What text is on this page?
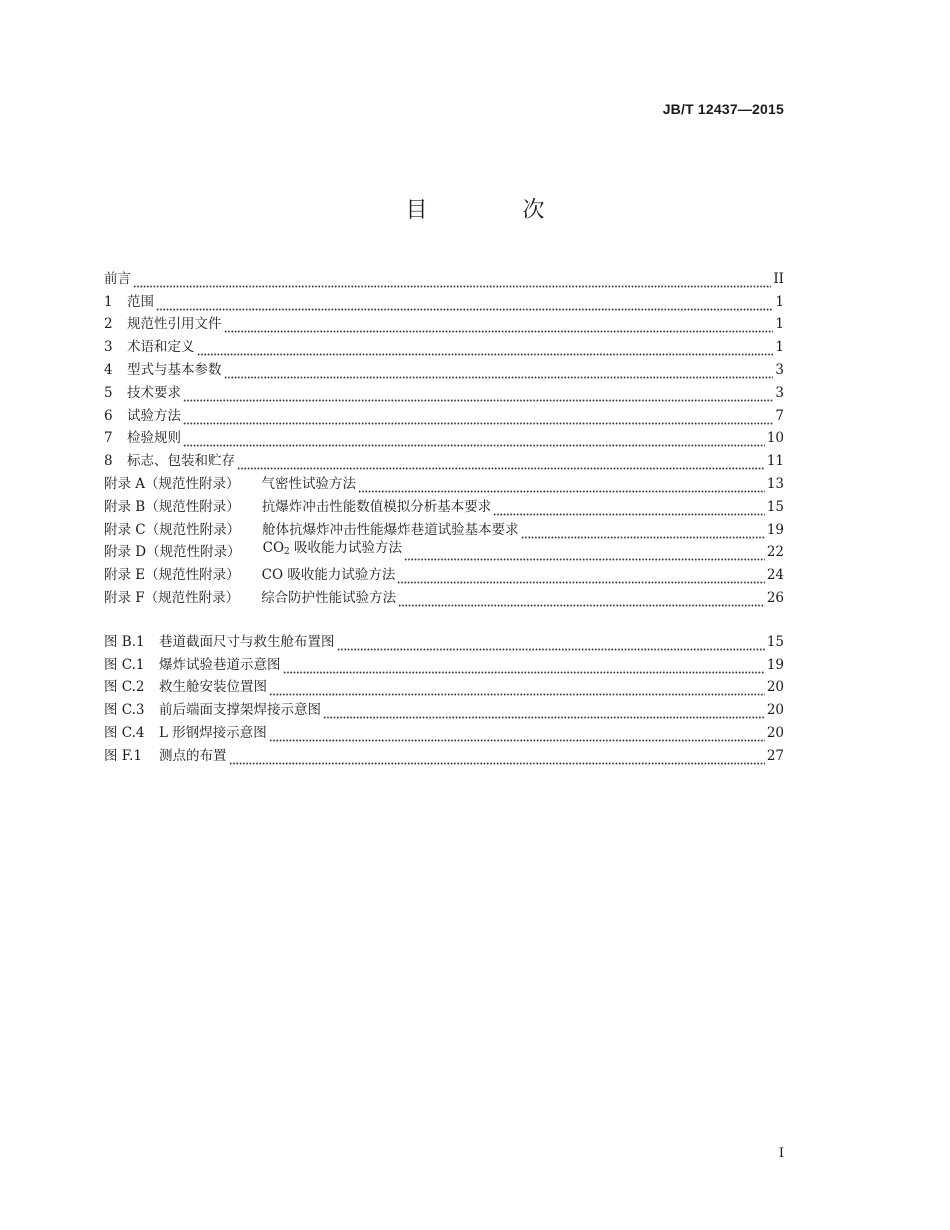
JB/T 12437—2015
目 次
前言	II
1	范围	1
2	规范性引用文件	1
3	术语和定义	1
4	型式与基本参数	3
5	技术要求	3
6	试验方法	7
7	检验规则	10
8	标志、包装和贮存	11
附录 A（规范性附录） 气密性试验方法	13
附录 B（规范性附录） 抗爆炸冲击性能数值模拟分析基本要求	15
附录 C（规范性附录） 舱体抗爆炸冲击性能爆炸巷道试验基本要求	19
附录 D（规范性附录） $CO_2$ 吸收能力试验方法	22
附录 E（规范性附录） CO 吸收能力试验方法	24
附录 F（规范性附录） 综合防护性能试验方法	26
图 B.1	巷道截面尺寸与救生舱布置图	15
图 C.1	爆炸试验巷道示意图	19
图 C.2	救生舱安装位置图	20
图 C.3	前后端面支撑架焊接示意图	20
图 C.4	L 形钢焊接示意图	20
图 F.1	测点的布置	27
I
